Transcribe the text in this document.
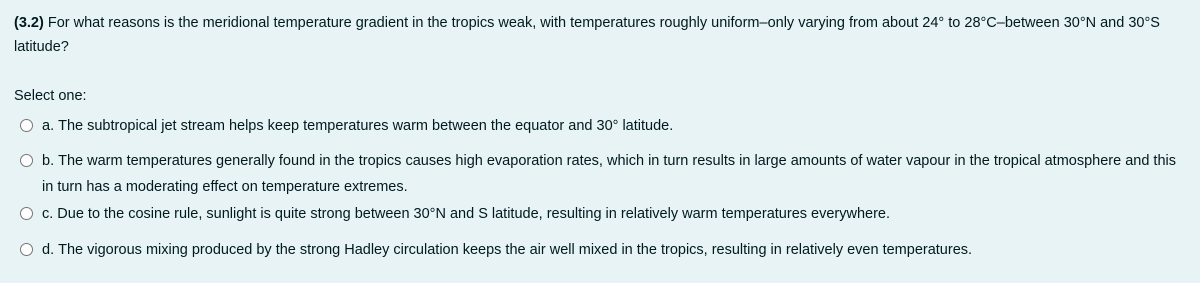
(3.2) For what reasons is the meridional temperature gradient in the tropics weak, with temperatures roughly uniform–only varying from about 24° to 28°C–between 30°N and 30°S latitude?
Select one:
a. The subtropical jet stream helps keep temperatures warm between the equator and 30° latitude.
b. The warm temperatures generally found in the tropics causes high evaporation rates, which in turn results in large amounts of water vapour in the tropical atmosphere and this in turn has a moderating effect on temperature extremes.
c. Due to the cosine rule, sunlight is quite strong between 30°N and S latitude, resulting in relatively warm temperatures everywhere.
d. The vigorous mixing produced by the strong Hadley circulation keeps the air well mixed in the tropics, resulting in relatively even temperatures.
